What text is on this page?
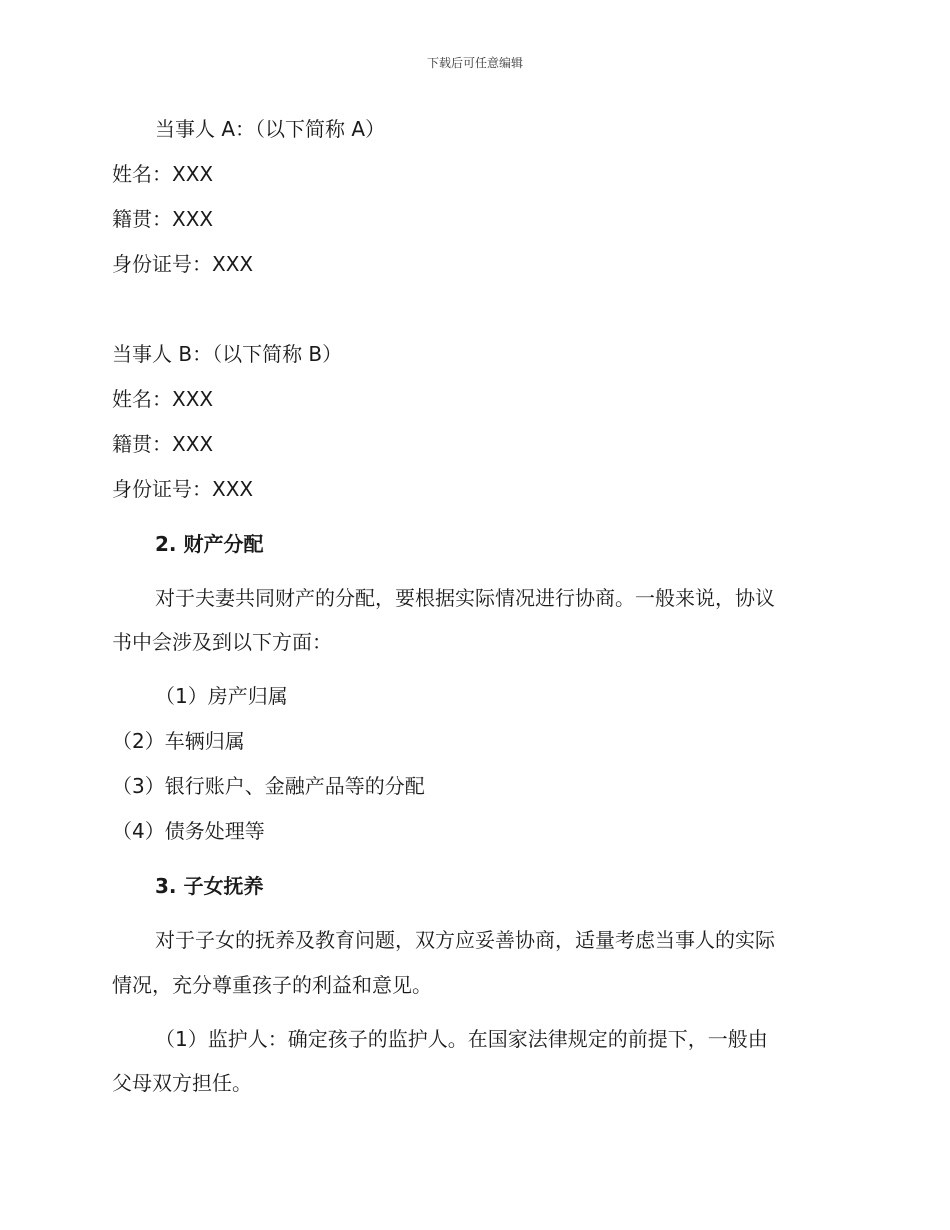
下载后可任意编辑
当事人 A：（以下简称 A）
姓名：XXX
籍贯：XXX
身份证号：XXX
当事人 B：（以下简称 B）
姓名：XXX
籍贯：XXX
身份证号：XXX
2. 财产分配
对于夫妻共同财产的分配，要根据实际情况进行协商。一般来说，协议
书中会涉及到以下方面：
（1）房产归属
（2）车辆归属
（3）银行账户、金融产品等的分配
（4）债务处理等
3. 子女抚养
对于子女的抚养及教育问题，双方应妥善协商，适量考虑当事人的实际
情况，充分尊重孩子的利益和意见。
（1）监护人：确定孩子的监护人。在国家法律规定的前提下，一般由
父母双方担任。
